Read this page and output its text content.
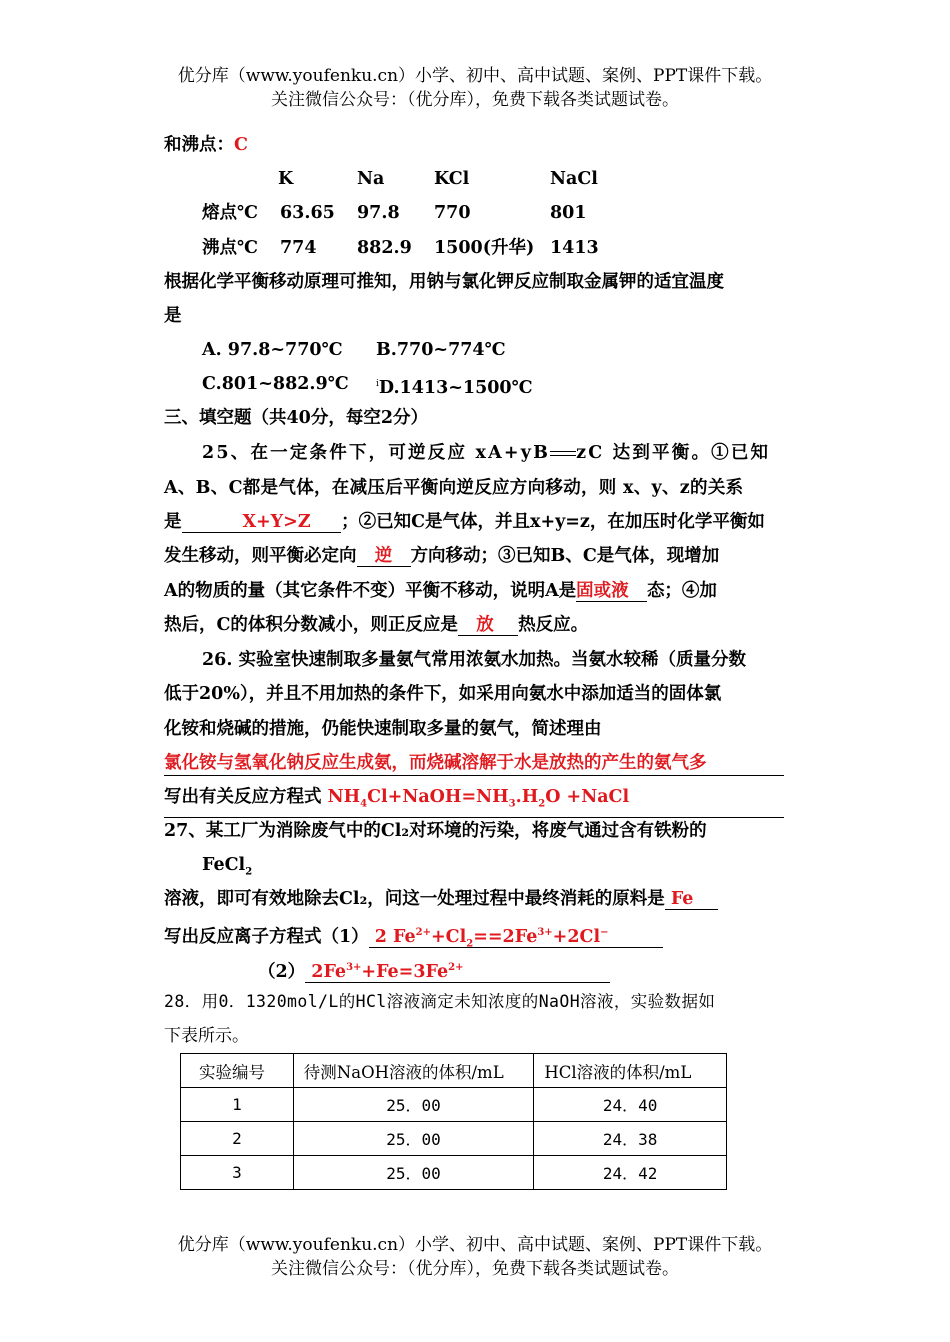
优分库（www.youfenku.cn）小学、初中、高中试题、案例、PPT课件下载。
关注微信公众号：（优分库），免费下载各类试题试卷。
和沸点：C
K	Na	KCl	NaCl
熔点℃ 63.65 97.8 770	801
沸点℃ 774 882.9 1500(升华) 1413
根据化学平衡移动原理可推知，用钠与氯化钾反应制取金属钾的适宜温度
是
A. 97.8~770℃ B.770~774℃
C.801~882.9℃	$^i$D.1413~1500℃
三、填空题（共40分，每空2分）
25、在一定条件下，可逆反应 xA+yB zC 达到平衡。①已知
A、B、C都是气体，在减压后平衡向逆反应方向移动，则 x、y、z的关系
是	X+Y>Z ；②已知C是气体，并且x+y=z，在加压时化学平衡如
发生移动，则平衡必定向 逆 方向移动；③已知B、C是气体，现增加
A的物质的量（其它条件不变）平衡不移动，说明A是固或液 态；④加
热后，C的体积分数减小，则正反应是 放 热反应。
26. 实验室快速制取多量氨气常用浓氨水加热。当氨水较稀（质量分数
低于20%），并且不用加热的条件下，如采用向氨水中添加适当的固体氯
化铵和烧碱的措施，仍能快速制取多量的氨气，简述理由
氯化铵与氢氧化钠反应生成氨，而烧碱溶解于水是放热的产生的氨气多
写出有关反应方程式 $NH_4Cl+NaOH=NH_3.H_2O$ +NaCl
27、某工厂为消除废气中的Cl₂对环境的污染，将废气通过含有铁粉的
FeCl$_2$
溶液，即可有效地除去Cl₂，问这一处理过程中最终消耗的原料是 Fe
写出反应离子方程式（1） 2 $Fe^{2+}+Cl_2==2Fe^{3+}+2Cl^-$
（2） $2Fe^{3+}+Fe=3Fe^{2+}$
28．用0．1320mol/L的HCl溶液滴定未知浓度的NaOH溶液，实验数据如
下表所示。
实验编号	待测NaOH溶液的体积/mL	HCl溶液的体积/mL
1	25．00	24．40
2	25．00	24．38
3	25．00	24．42
优分库（www.youfenku.cn）小学、初中、高中试题、案例、PPT课件下载。
关注微信公众号：（优分库），免费下载各类试题试卷。
